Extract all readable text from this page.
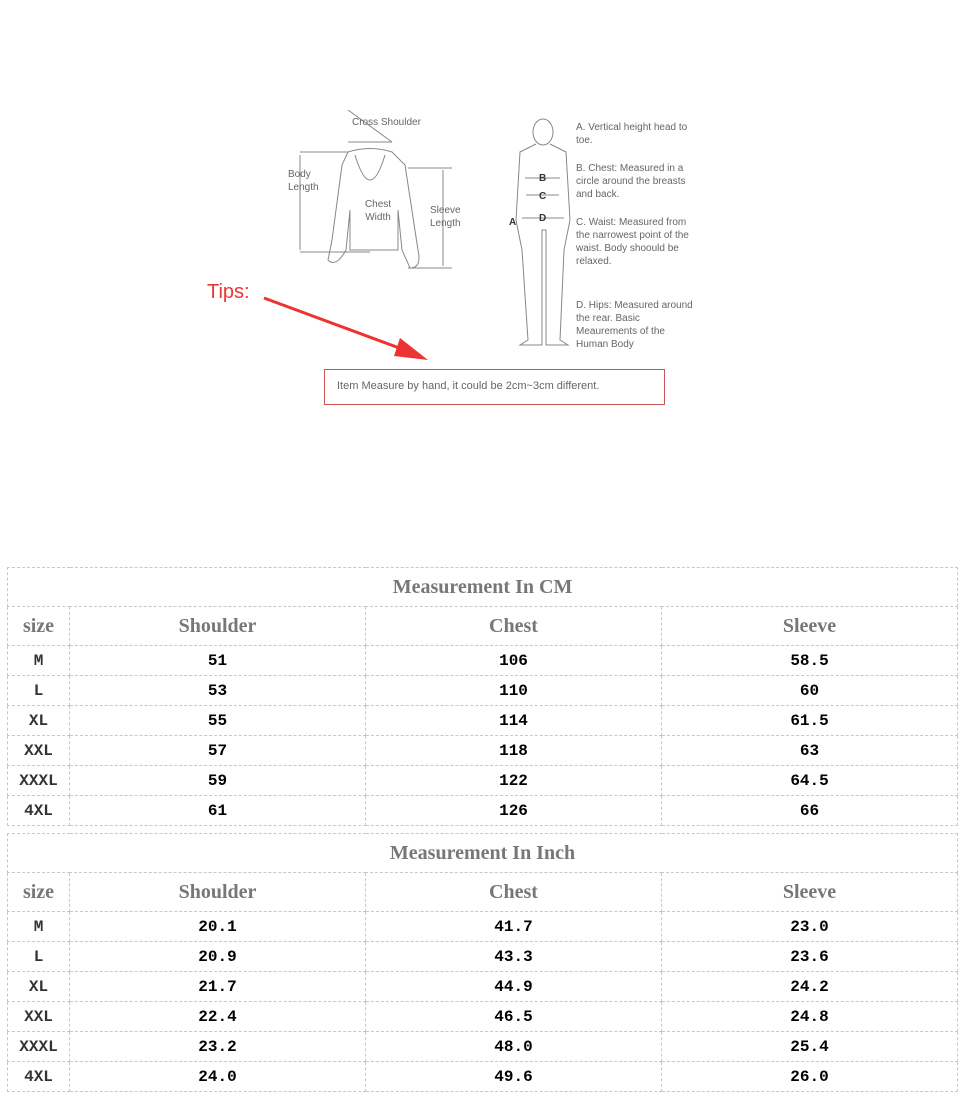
Cross Shoulder
Body Length
Chest Width
Sleeve Length	A
B
C
D
A. Vertical height head to toe.
B. Chest: Measured in a circle around the breasts and back.
C. Waist: Measured from the narrowest point of the waist. Body shoould be relaxed.
D. Hips: Measured around the rear. Basic Meaurements of the Human Body
Tips:
Item Measure by hand, it could be 2cm~3cm different.
Measurement In CM			
size	Shoulder	Chest	Sleeve
M	51	106	58.5
L	53	110	60
XL	55	114	61.5
XXL	57	118	63
XXXL	59	122	64.5
4XL	61	126	66
Measurement In Inch			
size	Shoulder	Chest	Sleeve
M	20.1	41.7	23.0
L	20.9	43.3	23.6
XL	21.7	44.9	24.2
XXL	22.4	46.5	24.8
XXXL	23.2	48.0	25.4
4XL	24.0	49.6	26.0
